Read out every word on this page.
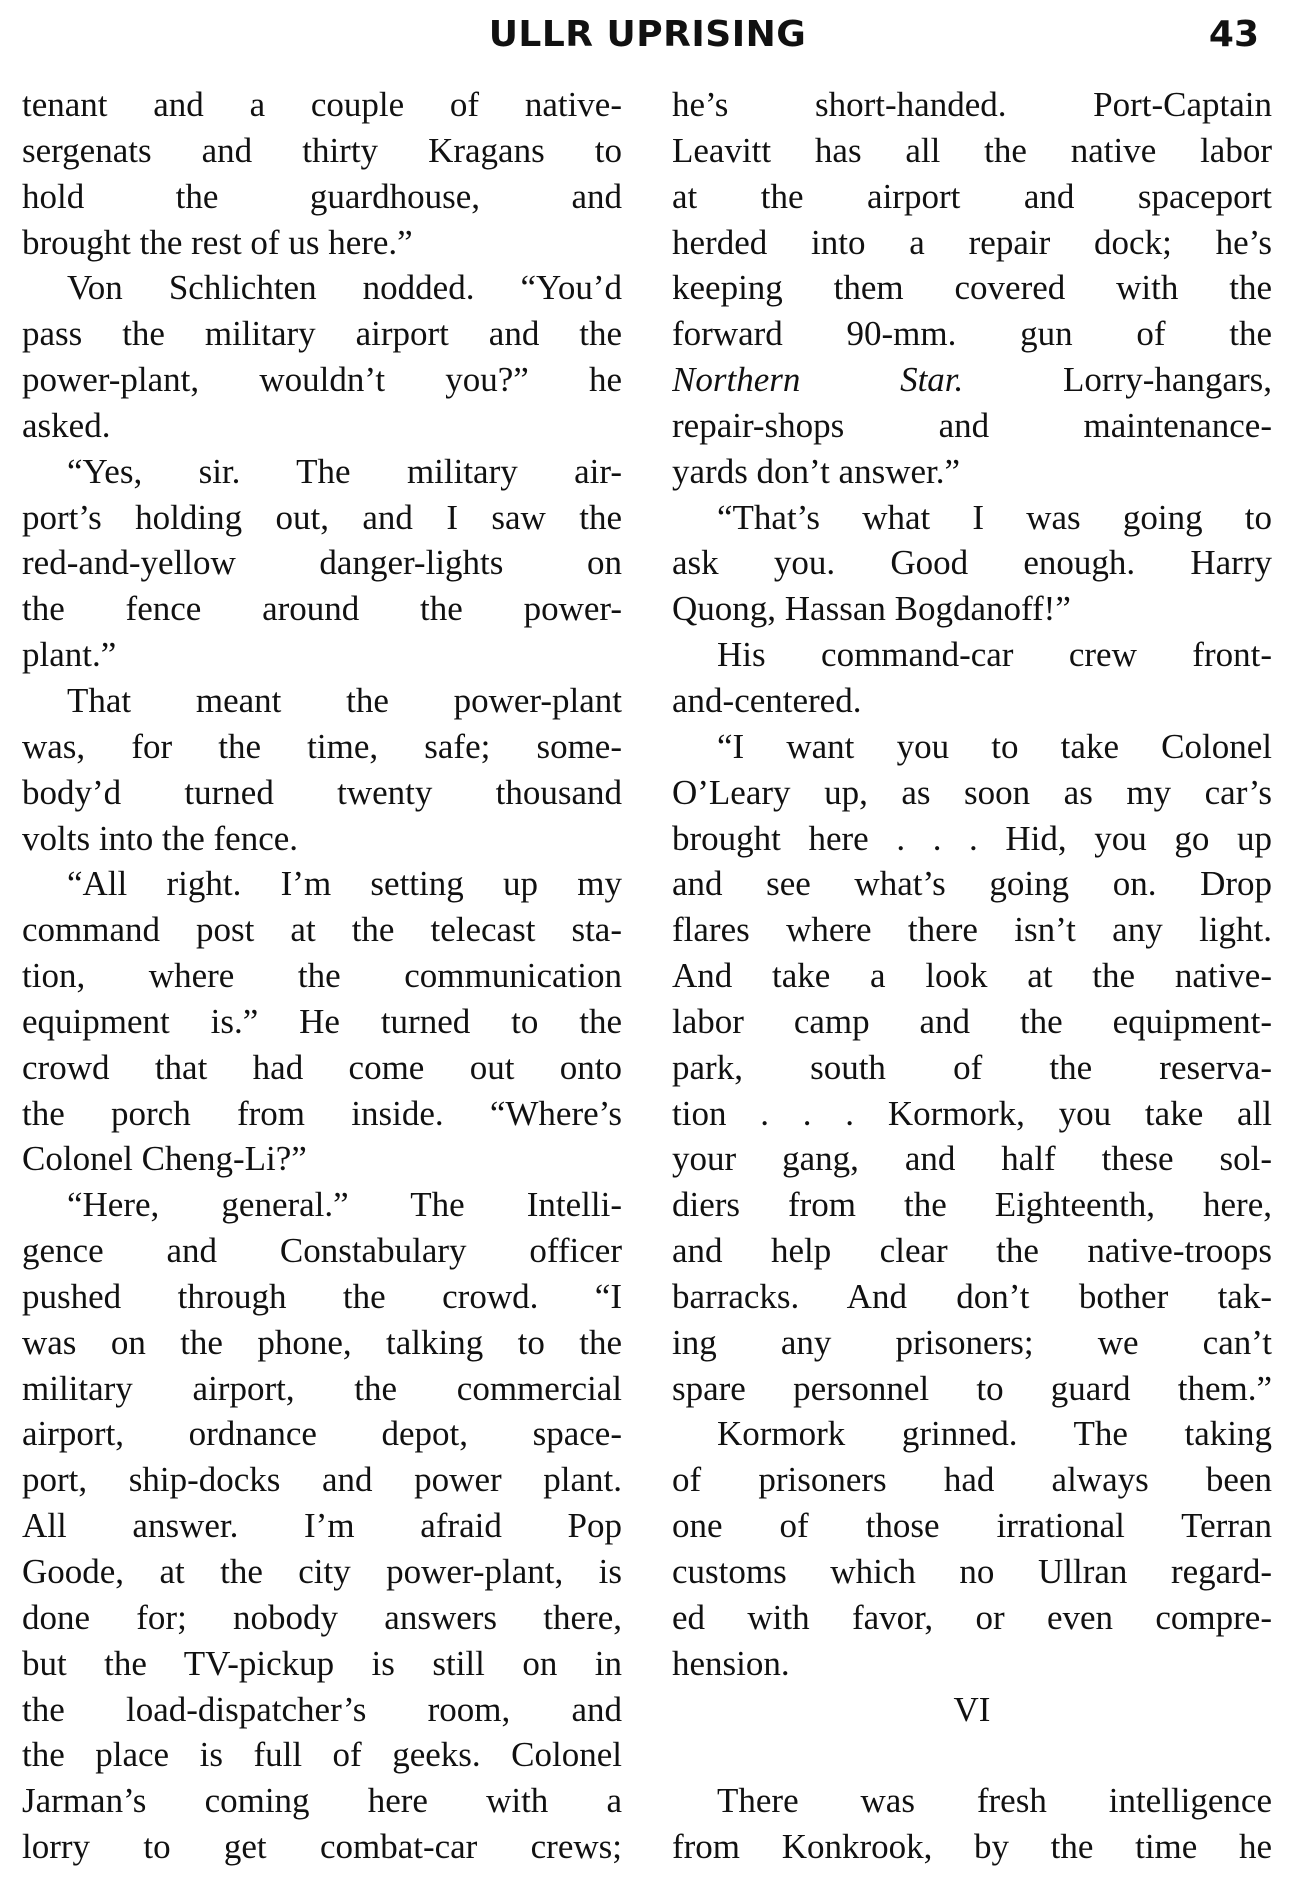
ULLR UPRISING	43
tenant and a couple of native-
sergenats and thirty Kragans to
hold the guardhouse, and
brought the rest of us here.”
Von Schlichten nodded. “You’d
pass the military airport and the
power-plant, wouldn’t you?” he
asked.
“Yes, sir. The military air-
port’s holding out, and I saw the
red-and-yellow danger-lights on
the fence around the power-
plant.”
That meant the power-plant
was, for the time, safe; some-
body’d turned twenty thousand
volts into the fence.
“All right. I’m setting up my
command post at the telecast sta-
tion, where the communication
equipment is.” He turned to the
crowd that had come out onto
the porch from inside. “Where’s
Colonel Cheng-Li?”
“Here, general.” The Intelli-
gence and Constabulary officer
pushed through the crowd. “I
was on the phone, talking to the
military airport, the commercial
airport, ordnance depot, space-
port, ship-docks and power plant.
All answer. I’m afraid Pop
Goode, at the city power-plant, is
done for; nobody answers there,
but the TV-pickup is still on in
the load-dispatcher’s room, and
the place is full of geeks. Colonel
Jarman’s coming here with a
lorry to get combat-car crews;
he’s short-handed. Port-Captain
Leavitt has all the native labor
at the airport and spaceport
herded into a repair dock; he’s
keeping them covered with the
forward 90-mm. gun of the
Northern Star. Lorry-hangars,
repair-shops and maintenance-
yards don’t answer.”
“That’s what I was going to
ask you. Good enough. Harry
Quong, Hassan Bogdanoff!”
His command-car crew front-
and-centered.
“I want you to take Colonel
O’Leary up, as soon as my car’s
brought here . . . Hid, you go up
and see what’s going on. Drop
flares where there isn’t any light.
And take a look at the native-
labor camp and the equipment-
park, south of the reserva-
tion . . . Kormork, you take all
your gang, and half these sol-
diers from the Eighteenth, here,
and help clear the native-troops
barracks. And don’t bother tak-
ing any prisoners; we can’t
spare personnel to guard them.”
Kormork grinned. The taking
of prisoners had always been
one of those irrational Terran
customs which no Ullran regard-
ed with favor, or even compre-
hension.
VI
There was fresh intelligence
from Konkrook, by the time he
